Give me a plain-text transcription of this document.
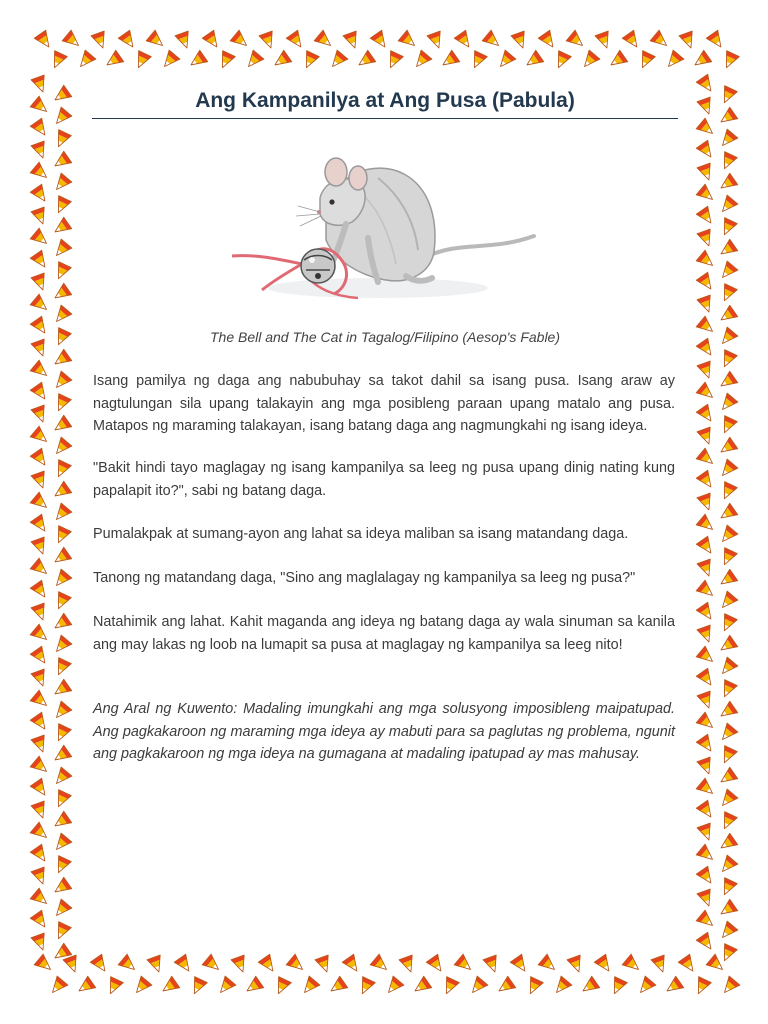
Ang Kampanilya at Ang Pusa (Pabula)

The Bell and The Cat in Tagalog/Filipino (Aesop's Fable)

Isang pamilya ng daga ang nabubuhay sa takot dahil sa isang pusa. Isang araw ay nagtulungan sila upang talakayin ang mga posibleng paraan upang matalo ang pusa. Matapos ng maraming talakayan, isang batang daga ang nagmungkahi ng isang ideya.

"Bakit hindi tayo maglagay ng isang kampanilya sa leeg ng pusa upang dinig nating kung papalapit ito?", sabi ng batang daga.

Pumalakpak at sumang-ayon ang lahat sa ideya maliban sa isang matandang daga.

Tanong ng matandang daga, "Sino ang maglalagay ng kampanilya sa leeg ng pusa?"

Natahimik ang lahat. Kahit maganda ang ideya ng batang daga ay wala sinuman sa kanila ang may lakas ng loob na lumapit sa pusa at maglagay ng kampanilya sa leeg nito!

Ang Aral ng Kuwento: Madaling imungkahi ang mga solusyong imposibleng maipatupad. Ang pagkakaroon ng maraming mga ideya ay mabuti para sa paglutas ng problema, ngunit ang pagkakaroon ng mga ideya na gumagana at madaling ipatupad ay mas mahusay.
